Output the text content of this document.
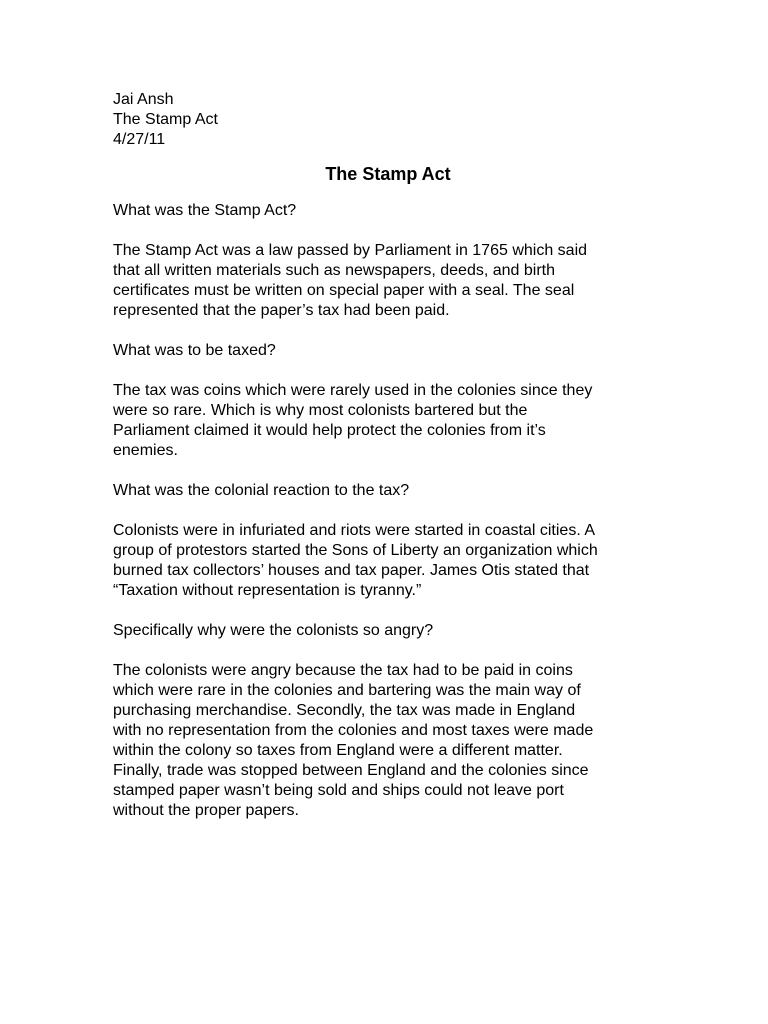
Jai Ansh

The Stamp Act

4/27/11

The Stamp Act

What was the Stamp Act?

The Stamp Act was a law passed by Parliament in 1765 which said
that all written materials such as newspapers, deeds, and birth
certificates must be written on special paper with a seal. The seal
represented that the paper’s tax had been paid.

What was to be taxed?

The tax was coins which were rarely used in the colonies since they
were so rare. Which is why most colonists bartered but the
Parliament claimed it would help protect the colonies from it’s
enemies.

What was the colonial reaction to the tax?

Colonists were in infuriated and riots were started in coastal cities. A
group of protestors started the Sons of Liberty an organization which
burned tax collectors’ houses and tax paper. James Otis stated that
“Taxation without representation is tyranny.”

Specifically why were the colonists so angry?

The colonists were angry because the tax had to be paid in coins
which were rare in the colonies and bartering was the main way of
purchasing merchandise. Secondly, the tax was made in England
with no representation from the colonies and most taxes were made
within the colony so taxes from England were a different matter.
Finally, trade was stopped between England and the colonies since
stamped paper wasn’t being sold and ships could not leave port
without the proper papers.
